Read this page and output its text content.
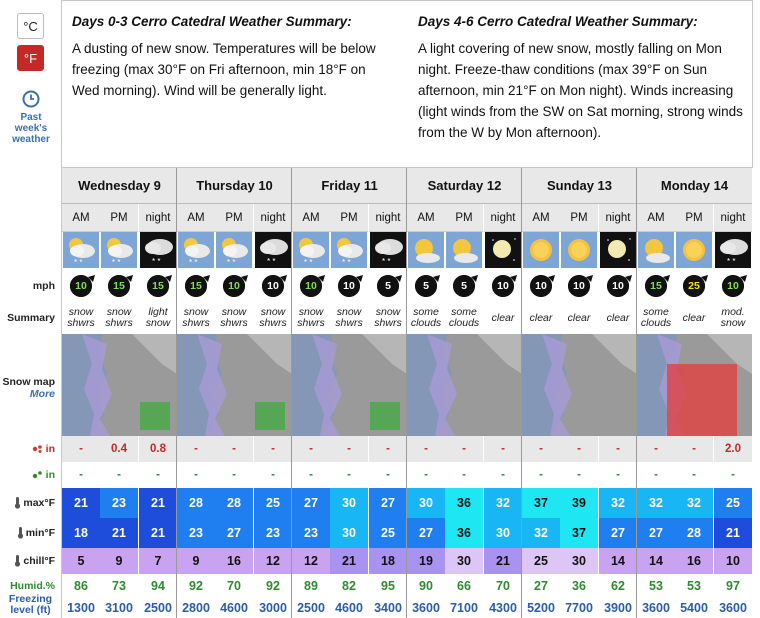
°C
°F
Past
week's
weather
mph
Summary
Snow map
More
in
in
max°F
min°F
chill°F
Humid.%
Freezing
level (ft)
Days 0-3 Cerro Catedral Weather Summary:

A dusting of new snow. Temperatures will be below freezing (max 30°F on Fri afternoon, min 18°F on Wed morning). Wind will be generally light.

Days 4-6 Cerro Catedral Weather Summary:

A light covering of new snow, mostly falling on Mon night. Freeze-thaw conditions (max 39°F on Sun afternoon, min 21°F on Mon night). Winds increasing (light winds from the SW on Sat morning, strong winds from the W by Mon afternoon).

Wednesday 9
AM
* *
10
snow
shwrs
-
-
21
18
5
86
1300
PM
* *
15
snow
shwrs
0.4
-
23
21
9
73
3100
night
* *
15
light
snow
0.8
-
21
21
7
94
2500
Thursday 10
AM
* *
15
snow
shwrs
-
-
28
23
9
92
2800
PM
* *
10
snow
shwrs
-
-
28
27
16
70
4600
night
* *
10
snow
shwrs
-
-
25
23
12
92
3000
Friday 11
AM
* *
10
snow
shwrs
-
-
27
23
12
89
2500
PM
* *
10
snow
shwrs
-
-
30
30
21
82
4600
night
* *
5
snow
shwrs
-
-
27
25
18
95
3400
Saturday 12
AM
5
some
clouds
-
-
30
27
19
90
3600
PM
5
some
clouds
-
-
36
36
30
66
7100
night
10
clear
-
-
32
30
21
70
4300
Sunday 13
AM
10
clear
-
-
37
32
25
27
5200
PM
10
clear
-
-
39
37
30
36
7700
night
10
clear
-
-
32
27
14
62
3900
Monday 14
AM
15
some
clouds
-
-
32
27
14
53
3600
PM
25
clear
-
-
32
28
16
53
5400
night
* *
10
mod.
snow
2.0
-
25
21
10
97
3600
